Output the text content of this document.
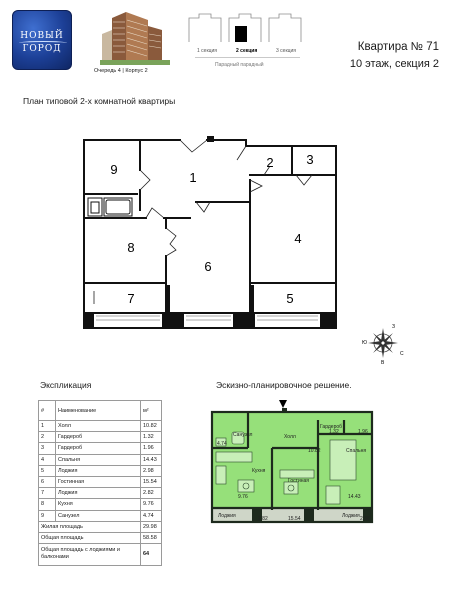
НОВЫЙ
ГОРОД
Очередь 4 | Корпус 2
1 секция	2 секция	3 секция
Парадный парадный
Квартира № 71
10 этаж, секция 2
План типовой 2-х комнатной квартиры
9
1
2	3
4
8
6
7	5
З
С
Ю
В
Экспликация
#	Наименование	м²
1	Холл	10.82
2	Гардероб	1.32
3	Гардероб	1.96
4	Спальня	14.43
5	Лоджия	2.98
6	Гостинная	15.54
7	Лоджия	2.82
8	Кухня	9.76
9	Санузел	4.74
Жилая площадь		29.98
Общая площадь		58.58
Общая площадь с лоджиями и балконами		64
Эскизно-планировочное решение.
Санузел
4.74
Холл
10.82
Гардероб
1.32	1.96
Спальня
14.43
Кухня
9.76
Гостиная
15.54
Лоджия	2.82	Лоджия 2.98
